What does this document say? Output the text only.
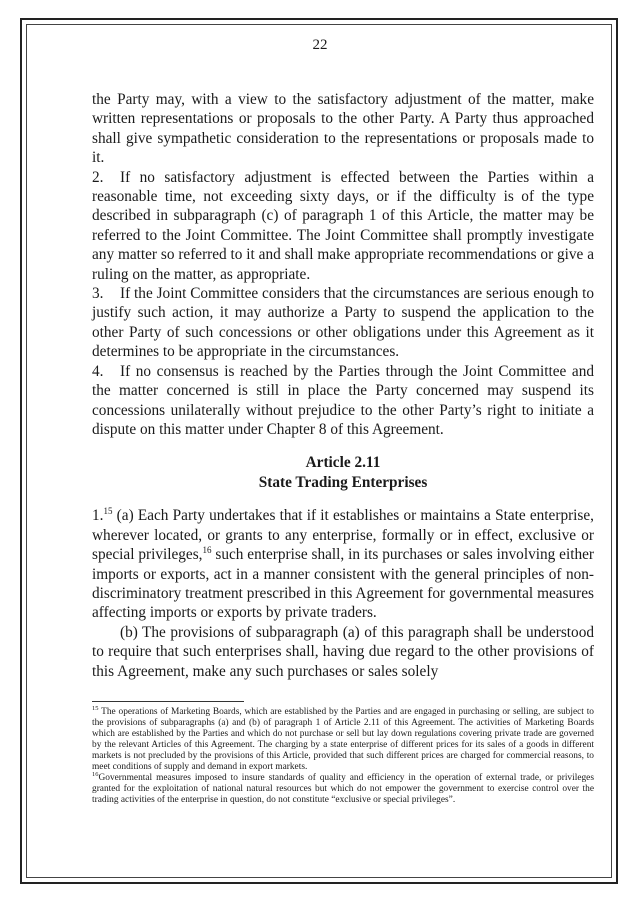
22

the Party may, with a view to the satisfactory adjustment of the matter, make written representations or proposals to the other Party. A Party thus approached shall give sympathetic consideration to the representations or proposals made to it.

2. If no satisfactory adjustment is effected between the Parties within a reasonable time, not exceeding sixty days, or if the difficulty is of the type described in subparagraph (c) of paragraph 1 of this Article, the matter may be referred to the Joint Committee. The Joint Committee shall promptly investigate any matter so referred to it and shall make appropriate recommendations or give a ruling on the matter, as appropriate.

3. If the Joint Committee considers that the circumstances are serious enough to justify such action, it may authorize a Party to suspend the application to the other Party of such concessions or other obligations under this Agreement as it determines to be appropriate in the circumstances.

4. If no consensus is reached by the Parties through the Joint Committee and the matter concerned is still in place the Party concerned may suspend its concessions unilaterally without prejudice to the other Party’s right to initiate a dispute on this matter under Chapter 8 of this Agreement.

Article 2.11
State Trading Enterprises

1.15 (a) Each Party undertakes that if it establishes or maintains a State enterprise, wherever located, or grants to any enterprise, formally or in effect, exclusive or special privileges,$^{16}$ such enterprise shall, in its purchases or sales involving either imports or exports, act in a manner consistent with the general principles of non-discriminatory treatment prescribed in this Agreement for governmental measures affecting imports or exports by private traders.

(b) The provisions of subparagraph (a) of this paragraph shall be understood to require that such enterprises shall, having due regard to the other provisions of this Agreement, make any such purchases or sales solely

$^{15}$ The operations of Marketing Boards, which are established by the Parties and are engaged in purchasing or selling, are subject to the provisions of subparagraphs (a) and (b) of paragraph 1 of Article 2.11 of this Agreement. The activities of Marketing Boards which are established by the Parties and which do not purchase or sell but lay down regulations covering private trade are governed by the relevant Articles of this Agreement. The charging by a state enterprise of different prices for its sales of a goods in different markets is not precluded by the provisions of this Article, provided that such different prices are charged for commercial reasons, to meet conditions of supply and demand in export markets.

$^{16}$Governmental measures imposed to insure standards of quality and efficiency in the operation of external trade, or privileges granted for the exploitation of national natural resources but which do not empower the government to exercise control over the trading activities of the enterprise in question, do not constitute “exclusive or special privileges”.
